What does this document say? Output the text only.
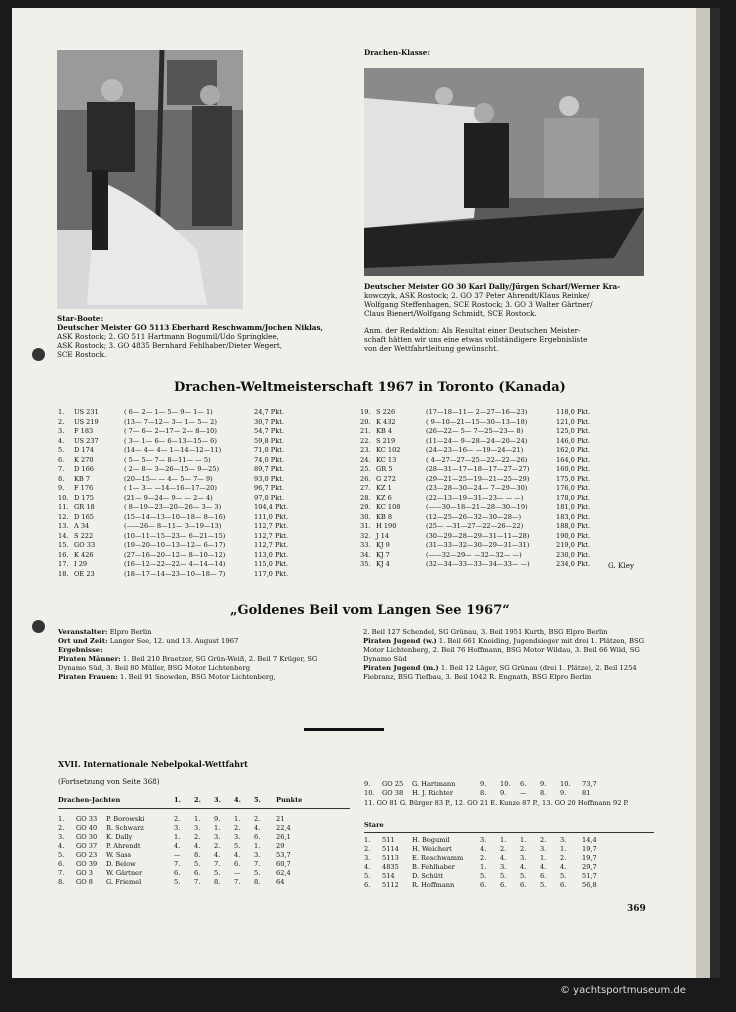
Star-Boote:
Deutscher Meister GO 5113 Eberhard Reschwamm/Jochen Niklas,
ASK Rostock; 2. GO 511 Hartmann Bogumil/Udo Springklee,
ASK Rostock; 3. GO 4835 Bernhard Fehlhaber/Dieter Wegert,
SCE Rostock.
Drachen-Klasse:
Deutscher Meister GO 30 Karl Dally/Jürgen Scharf/Werner Kra-
kowczyk, ASK Rostock; 2. GO 37 Peter Ahrendt/Klaus Reinke/
Wolfgang Steffenhagen, SCE Rostock; 3. GO 3 Walter Gärtner/
Claus Bienert/Wolfgang Schmidt, SCE Rostock.
Anm. der Redaktion: Als Resultat einer Deutschen Meister-
schaft hätten wir uns eine etwas vollständigere Ergebnisliste
von der Wettfahrtleitung gewünscht.
Drachen-Weltmeisterschaft 1967 in Toronto (Kanada)
1.	US 231	( 6— 2— 1— 5— 9— 1— 1)	24,7 Pkt.
2.	US 219	(13— 7—12— 3— 1— 5— 2)	30,7 Pkt.
3.	F 183	( 7— 6— 2—17— 2— 8—10)	54,7 Pkt.
4.	US 237	( 3— 1— 6— 6—13—15— 6)	59,8 Pkt.
5.	D 174	(14— 4— 4— 1—14—12—11)	71,0 Pkt.
6.	K 270	( 5— 5— 7— 8—11— — 5)	74,0 Pkt.
7.	D 166	( 2— 8— 3—26—15— 9—25)	89,7 Pkt.
8.	KB 7	(20—15— — 4— 5— 7— 9)	93,0 Pkt.
9.	F 176	( 1— 3— —14—16—17—20)	96,7 Pkt.
10. D 175	(21— 9—24— 9— — 2— 4)	97,0 Pkt.
11. GR 18	( 8—19—23—20—26— 3— 3)	104,4 Pkt.
12. D 165	(15—14—13—10—18— 8—16)	111,0 Pkt.
13. A 34	(——26— 8—11— 3—19—13)	112,7 Pkt.
14. S 222	(10—11—15—23— 6—21—15)	112,7 Pkt.
15. GO 33	(19—20—10—13—12— 6—17)	112,7 Pkt.
16. K 426	(27—16—20—12— 8—10—12)	113,0 Pkt.
17. I 29	(16—12—22—22— 4—14—14)	115,0 Pkt.
18. OE 23	(18—17—14—23—10—18— 7)	117,0 Pkt.
19. S 226	(17—18—11— 2—27—16—23)	118,0 Pkt.
20. K 432	( 9—10—21—15—30—13—18)	121,0 Pkt.
21. KB 4	(26—22— 5— 7—25—23— 8)	125,0 Pkt.
22. S 219	(11—24— 9—28—24—20—24)	146,0 Pkt.
23. KC 102	(24—23—16— —19—24—21)	162,0 Pkt.
24. KC 13	( 4—27—27—25—22—22—26)	164,0 Pkt.
25. GR 5	(28—31—17—18—17—27—27)	160,0 Pkt.
26. G 272	(29—21—25—19—21—25—29)	175,0 Pkt.
27. KZ 1	(23—28—30—24— 7—29—30)	176,0 Pkt.
28. KZ 6	(22—13—19—31—23— — —)	178,0 Pkt.
29. KC 108	(——30—18—21—28—30—19)	181,0 Pkt.
30. KB 8	(12—25—26—32—30—28—)	183,0 Pkt.
31. H 190	(25— —31—27—22—26—22)	188,0 Pkt.
32. J 14	(30—29—28—29—31—11—28)	190,0 Pkt.
33. KJ 9	(31—33—32—30—29—31—31)	219,0 Pkt.
34. KJ 7	(——32—29— —32—32— —)	230,0 Pkt.
35. KJ 4	(32—34—33—33—34—33— —)	234,0 Pkt.	G. Kley
„Goldenes Beil vom Langen See 1967“
Veranstalter: Elpro Berlin
Ort und Zeit: Langer See, 12. und 13. August 1967
Ergebnisse:
Piraten Männer: 1. Beil 210 Braetzer, SG Grün-Weiß, 2. Beil 7 Krüger, SG Dynamo Süd, 3. Beil 80 Müller, BSG Motor Lichtenberg
Piraten Frauen: 1. Beil 91 Snowden, BSG Motor Lichtenberg,
2. Beil 127 Schendel, SG Grünau, 3. Beil 1951 Kurth, BSG Elpro Berlin
Piraten Jugend (w.) 1. Beil 661 Kneiding, Jugendsieger mit drei 1. Plätzen, BSG Motor Lichtenberg, 2. Beil 76 Hoffmann, BSG Motor Wildau, 3. Beil 66 Wild, SG Dynamo Süd
Piraten Jugend (m.) 1. Beil 12 Läger, SG Grünau (drei 1. Plätze), 2. Beil 1254 Fiebranz, BSG Tiefbau, 3. Beil 1042 R. Engnath, BSG Elpro Berlin
XVII. Internationale Nebelpokal-Wettfahrt
(Fortsetzung von Seite 368)
Drachen-Jachten	1.	2.	3.	4.	5.	Punkte
1.	GO 33	P. Borowski	2.	1.	9.	1.	2.	21
2.	GO 40	R. Schwarz	3.	3.	1.	2.	4.	22,4
3.	GO 30	K. Dally	1.	2.	3.	3.	6.	26,1
4.	GO 37	P. Ahrendt	4.	4.	2.	5.	1.	29
5.	GO 23	W. Sass	—	8.	4.	4.	3.	53,7
6.	GO 39	D. Below	7.	5.	7.	6.	7.	60,7
7.	GO 3	W. Gärtner	6.	6.	5.	—	5.	62,4
8.	GO 8	G. Friemel	5.	7.	8.	7.	8.	64
9.	GO 25	G. Hartmann	9.	10.	6.	9.	10.	73,7
10.	GO 38	H. J. Richter	8.	9.	—	8.	9.	81
11. GO 81 G. Bürger 83 P., 12. GO 21 E. Kunze 87 P., 13. GO 20 Hoffmann 92 P.
Stare
1.	511	H. Bogumil	3.	1.	1.	2.	3.	14,4
2.	5114	H. Weichert	4.	2.	2.	3.	1.	19,7
3.	5113	E. Reschwamm	2.	4.	3.	1.	2.	19,7
4.	4835	B. Fehlhaber	1.	3.	4.	4.	4.	29,7
5.	514	D. Schütt	5.	5.	5.	6.	5.	51,7
6.	5112	R. Hoffmann	6.	6.	6.	5.	6.	56,8
369
© yachtsportmuseum.de
